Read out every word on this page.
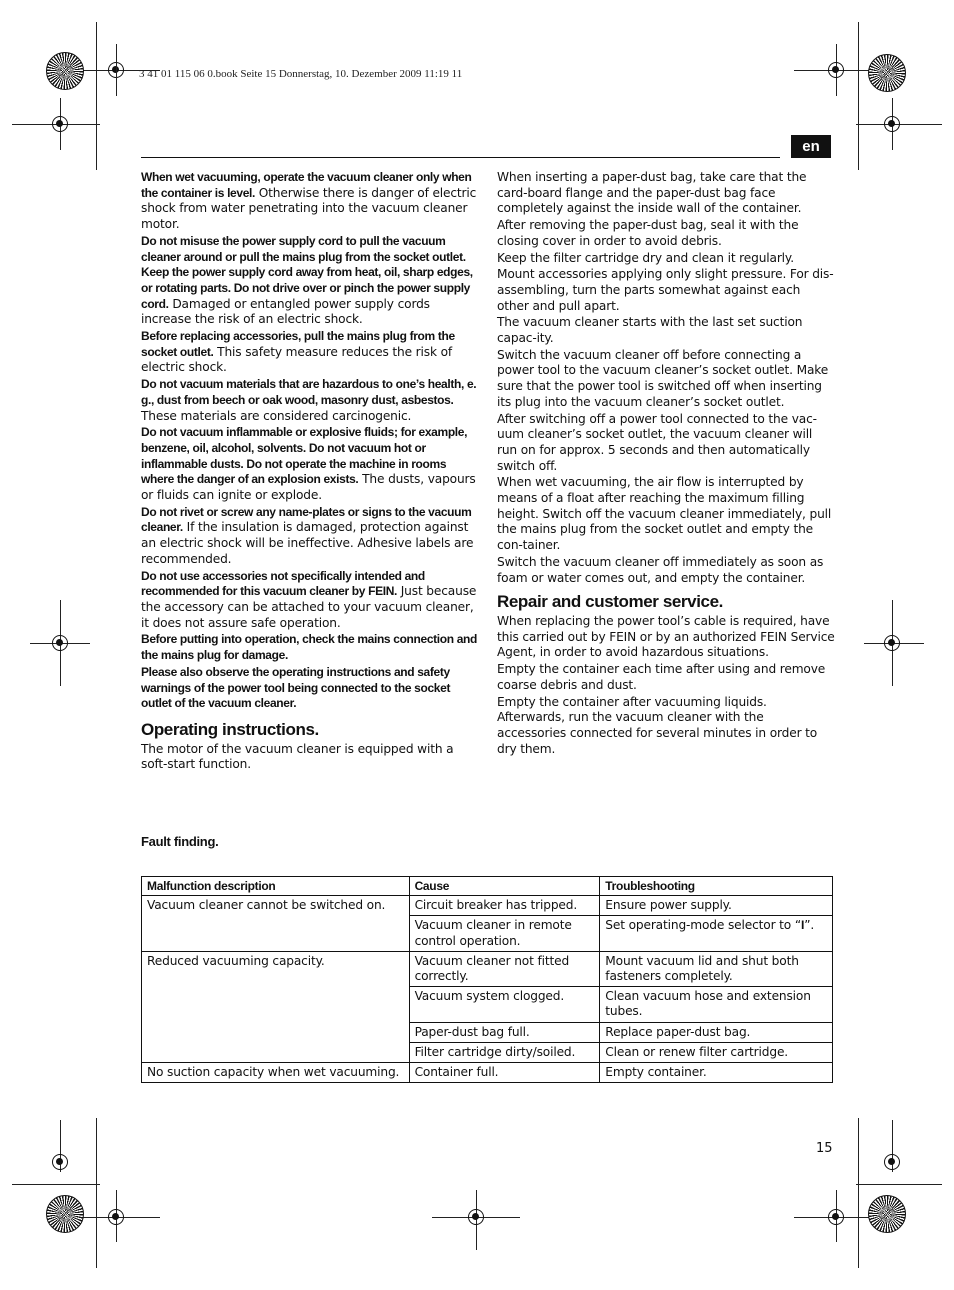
3 41 01 115 06 0.book Seite 15 Donnerstag, 10. Dezember 2009 11:19 11
en

When wet vacuuming, operate the vacuum cleaner only when the container is level. Otherwise there is danger of electric shock from water penetrating into the vacuum cleaner motor.

Do not misuse the power supply cord to pull the vacuum cleaner around or pull the mains plug from the socket outlet. Keep the power supply cord away from heat, oil, sharp edges, or rotating parts. Do not drive over or pinch the power supply cord. Damaged or entangled power supply cords increase the risk of an electric shock.

Before replacing accessories, pull the mains plug from the socket outlet. This safety measure reduces the risk of electric shock.

Do not vacuum materials that are hazardous to one’s health, e. g., dust from beech or oak wood, masonry dust, asbestos. These materials are considered carcinogenic.

Do not vacuum inflammable or explosive fluids; for example, benzene, oil, alcohol, solvents. Do not vacuum hot or inflammable dusts. Do not operate the machine in rooms where the danger of an explosion exists. The dusts, vapours or fluids can ignite or explode.

Do not rivet or screw any name-plates or signs to the vacuum cleaner. If the insulation is damaged, protection against an electric shock will be ineffective. Adhesive labels are recommended.

Do not use accessories not specifically intended and recommended for this vacuum cleaner by FEIN. Just because the accessory can be attached to your vacuum cleaner, it does not assure safe operation.

Before putting into operation, check the mains connection and the mains plug for damage.

Please also observe the operating instructions and safety warnings of the power tool being connected to the socket outlet of the vacuum cleaner.

Operating instructions.

The motor of the vacuum cleaner is equipped with a soft-start function.

When inserting a paper-dust bag, take care that the card-board flange and the paper-dust bag face completely against the inside wall of the container.

After removing the paper-dust bag, seal it with the closing cover in order to avoid debris.

Keep the filter cartridge dry and clean it regularly.

Mount accessories applying only slight pressure. For dis-assembling, turn the parts somewhat against each other and pull apart.

The vacuum cleaner starts with the last set suction capac-ity.

Switch the vacuum cleaner off before connecting a power tool to the vacuum cleaner’s socket outlet. Make sure that the power tool is switched off when inserting its plug into the vacuum cleaner’s socket outlet.

After switching off a power tool connected to the vac-uum cleaner’s socket outlet, the vacuum cleaner will run on for approx. 5 seconds and then automatically switch off.

When wet vacuuming, the air flow is interrupted by means of a float after reaching the maximum filling height. Switch off the vacuum cleaner immediately, pull the mains plug from the socket outlet and empty the con-tainer.

Switch the vacuum cleaner off immediately as soon as foam or water comes out, and empty the container.

Repair and customer service.

When replacing the power tool’s cable is required, have this carried out by FEIN or by an authorized FEIN Service Agent, in order to avoid hazardous situations.

Empty the container each time after using and remove coarse debris and dust.

Empty the container after vacuuming liquids. Afterwards, run the vacuum cleaner with the accessories connected for several minutes in order to dry them.

Fault finding.
Malfunction description	Cause	Troubleshooting
Vacuum cleaner cannot be switched on.	Circuit breaker has tripped.	Ensure power supply.
	Vacuum cleaner in remote control operation.	Set operating-mode selector to “I”.
Reduced vacuuming capacity.	Vacuum cleaner not fitted correctly.	Mount vacuum lid and shut both fasteners completely.
	Vacuum system clogged.	Clean vacuum hose and extension tubes.
	Paper-dust bag full.	Replace paper-dust bag.
	Filter cartridge dirty/soiled.	Clean or renew filter cartridge.
No suction capacity when wet vacuuming.	Container full.	Empty container.
15
